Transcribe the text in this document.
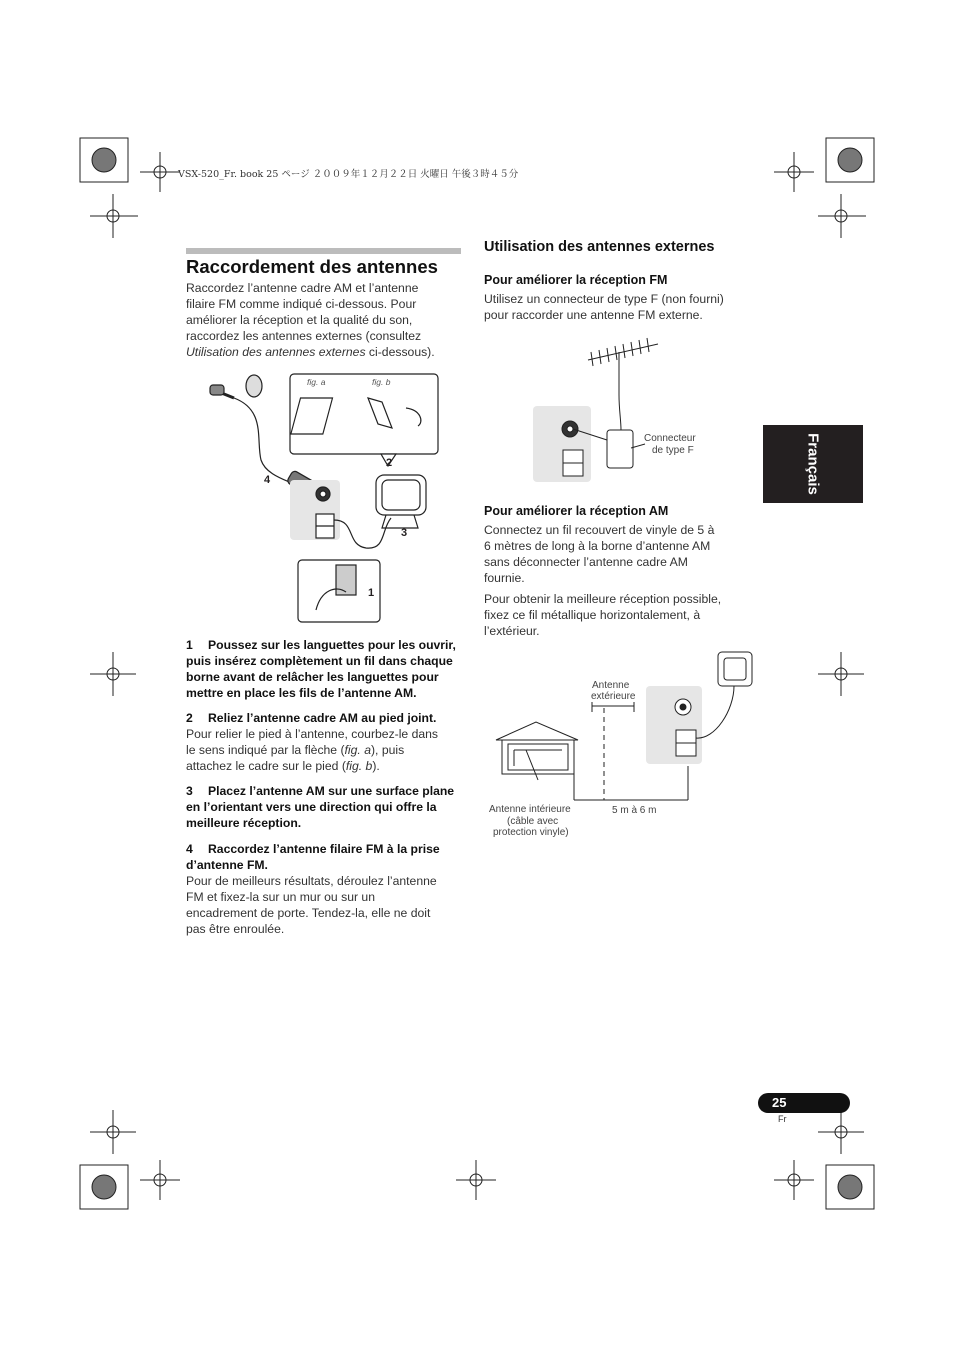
VSX-520_Fr. book 25 ページ ２００９年１２月２２日 火曜日 午後３時４５分
Raccordement des antennes
Raccordez l’antenne cadre AM et l’antenne
filaire FM comme indiqué ci-dessous. Pour
améliorer la réception et la qualité du son,
raccordez les antennes externes (consultez
Utilisation des antennes externes ci-dessous).
fig. a	fig. b
2
4
3
1
1 Poussez sur les languettes pour les ouvrir,
puis insérez complètement un fil dans chaque
borne avant de relâcher les languettes pour
mettre en place les fils de l’antenne AM.
2 Reliez l’antenne cadre AM au pied joint.
Pour relier le pied à l’antenne, courbez-le dans
le sens indiqué par la flèche (fig. a), puis
attachez le cadre sur le pied (fig. b).
3 Placez l’antenne AM sur une surface plane
en l’orientant vers une direction qui offre la
meilleure réception.
4 Raccordez l’antenne filaire FM à la prise
d’antenne FM.
Pour de meilleurs résultats, déroulez l’antenne
FM et fixez-la sur un mur ou sur un
encadrement de porte. Tendez-la, elle ne doit
pas être enroulée.
Utilisation des antennes externes
Pour améliorer la réception FM
Utilisez un connecteur de type F (non fourni)
pour raccorder une antenne FM externe.
Connecteur
de type F
Pour améliorer la réception AM
Connectez un fil recouvert de vinyle de 5 à
6 mètres de long à la borne d’antenne AM
sans déconnecter l’antenne cadre AM
fournie.
Pour obtenir la meilleure réception possible,
fixez ce fil métallique horizontalement, à
l’extérieur.
Antenne
extérieure
Antenne intérieure
(câble avec
protection vinyle)
5 m à 6 m
Français
25
Fr
